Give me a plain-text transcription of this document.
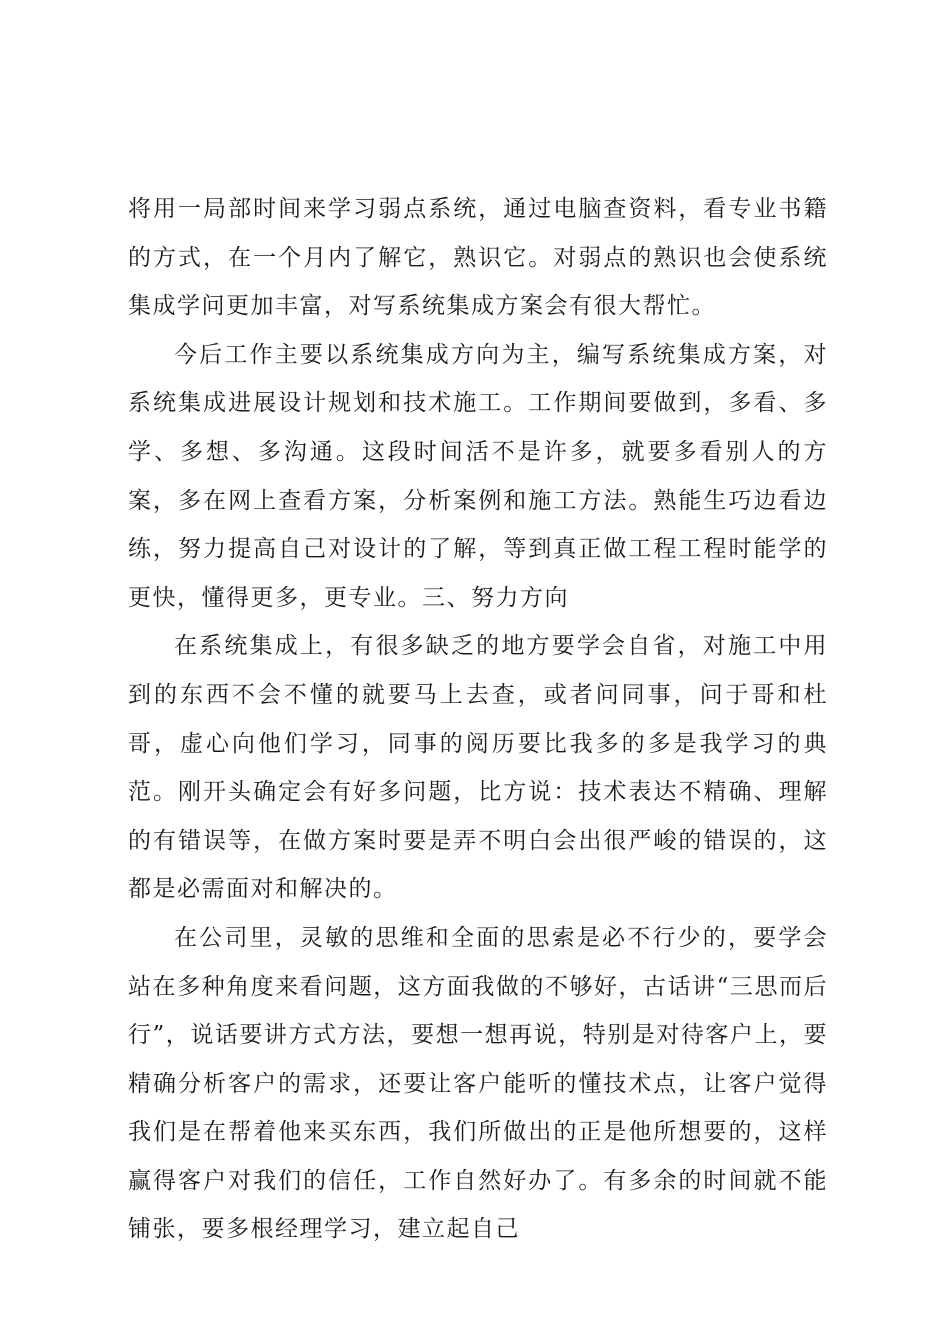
将用一局部时间来学习弱点系统，通过电脑查资料，看专业书籍的方式，在一个月内了解它，熟识它。对弱点的熟识也会使系统集成学问更加丰富，对写系统集成方案会有很大帮忙。

今后工作主要以系统集成方向为主，编写系统集成方案，对系统集成进展设计规划和技术施工。工作期间要做到，多看、多学、多想、多沟通。这段时间活不是许多，就要多看别人的方案，多在网上查看方案，分析案例和施工方法。熟能生巧边看边练，努力提高自己对设计的了解，等到真正做工程工程时能学的更快，懂得更多，更专业。三、努力方向

在系统集成上，有很多缺乏的地方要学会自省，对施工中用到的东西不会不懂的就要马上去查，或者问同事，问于哥和杜哥，虚心向他们学习，同事的阅历要比我多的多是我学习的典范。刚开头确定会有好多问题，比方说：技术表达不精确、理解的有错误等，在做方案时要是弄不明白会出很严峻的错误的，这都是必需面对和解决的。

在公司里，灵敏的思维和全面的思索是必不行少的，要学会站在多种角度来看问题，这方面我做的不够好，古话讲“三思而后行”，说话要讲方式方法，要想一想再说，特别是对待客户上，要精确分析客户的需求，还要让客户能听的懂技术点，让客户觉得我们是在帮着他来买东西，我们所做出的正是他所想要的，这样赢得客户对我们的信任，工作自然好办了。有多余的时间就不能铺张，要多根经理学习，建立起自己
